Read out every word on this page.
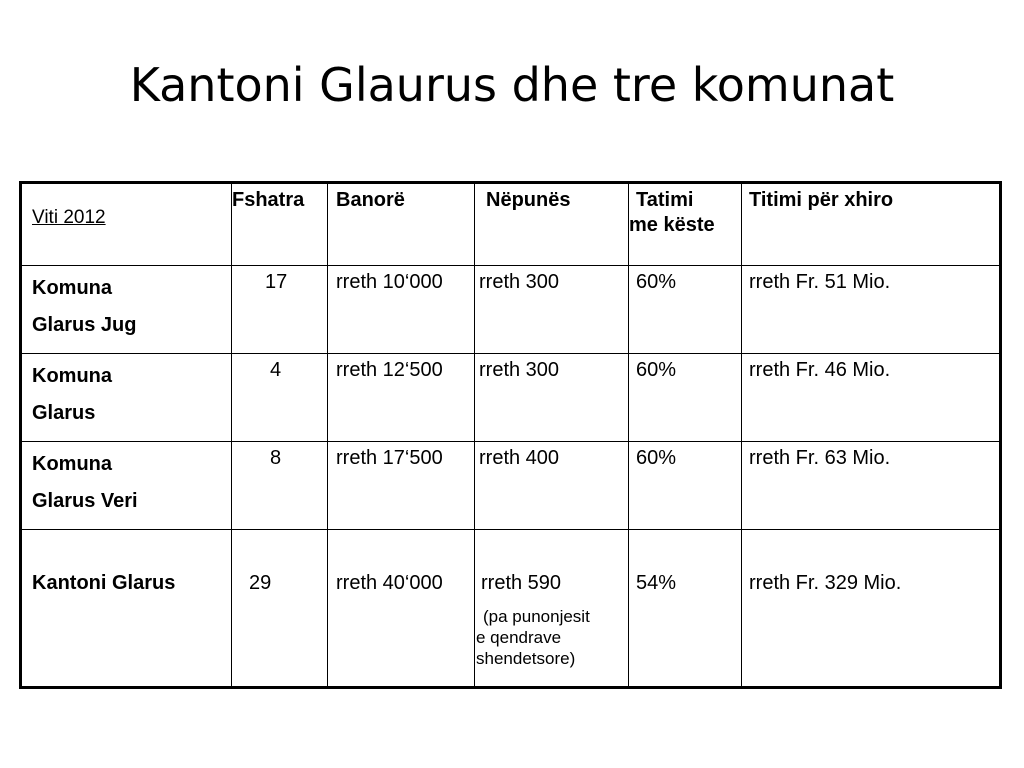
Kantoni Glaurus dhe tre komunat
Viti 2012	Fshatra	Banorë	Nëpunës	Tatimi
me këste	Titimi për xhiro

Komuna
Glarus Jug	17	rreth 10‘000	rreth 300	60%	rreth Fr. 51 Mio.

Komuna
Glarus	4	rreth 12‘500	rreth 300	60%	rreth Fr. 46 Mio.

Komuna
Glarus Veri	8	rreth 17‘500	rreth 400	60%	rreth Fr. 63 Mio.

Kantoni Glarus	29	rreth 40‘000	rreth 590
(pa punonjesit
e qendrave
shendetsore)	54%	rreth Fr. 329 Mio.
